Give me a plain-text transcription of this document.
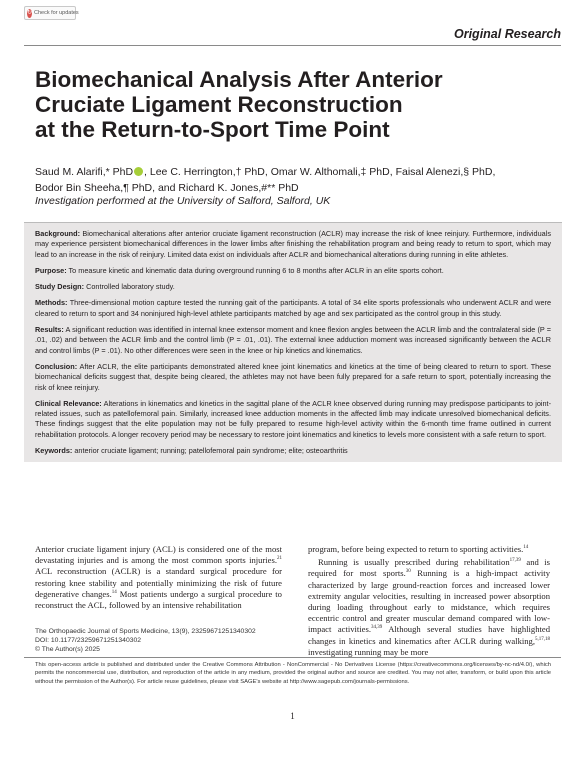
↻ Check for updates
Original Research
Biomechanical Analysis After Anterior
Cruciate Ligament Reconstruction
at the Return-to-Sport Time Point
Saud M. Alarifi,* PhD , Lee C. Herrington,† PhD, Omar W. Althomali,‡ PhD, Faisal Alenezi,§ PhD,
Bodor Bin Sheeha,¶ PhD, and Richard K. Jones,#** PhD
Investigation performed at the University of Salford, Salford, UK

Background: Biomechanical alterations after anterior cruciate ligament reconstruction (ACLR) may increase the risk of knee reinjury. Furthermore, individuals may experience persistent biomechanical differences in the lower limbs after finishing the rehabilitation program and being ready to return to sport, which may lead to an increase in the risk of reinjury. Limited data exist on individuals after ACLR and biomechanical alterations during running in elite athletes.

Purpose: To measure kinetic and kinematic data during overground running 6 to 8 months after ACLR in an elite sports cohort.

Study Design: Controlled laboratory study.

Methods: Three-dimensional motion capture tested the running gait of the participants. A total of 34 elite sports professionals who underwent ACLR and were cleared to return to sport and 34 noninjured high-level athlete participants matched by age and sex participated as the control group in this study.

Results: A significant reduction was identified in internal knee extensor moment and knee flexion angles between the ACLR limb and the contralateral side (P = .01, .02) and between the ACLR limb and the control limb (P = .01, .01). The external knee adduction moment was increased significantly between the ACLR and control limbs (P = .01). No other differences were seen in the knee or hip kinetics and kinematics.

Conclusion: After ACLR, the elite participants demonstrated altered knee joint kinematics and kinetics at the time of being cleared to return to sport. These biomechanical deficits suggest that, despite being cleared, the athletes may not have been fully prepared for a safe return to sport, potentially increasing the risk of knee reinjury.

Clinical Relevance: Alterations in kinematics and kinetics in the sagittal plane of the ACLR knee observed during running may predispose participants to joint-related issues, such as patellofemoral pain. Similarly, increased knee adduction moments in the affected limb may indicate unresolved biomechanical deficits. These findings suggest that the elite population may not be fully prepared to resume high-level activity within the 6-month time frame outlined in current rehabilitation protocols. A longer recovery period may be necessary to restore joint kinematics and kinetics to levels more consistent with a safe return to sport.

Keywords: anterior cruciate ligament; running; patellofemoral pain syndrome; elite; osteoarthritis

Anterior cruciate ligament injury (ACL) is considered one of the most devastating injuries and is among the most common sports injuries.$^{21}$ ACL reconstruction (ACLR) is a standard surgical procedure for restoring knee stability and potentially minimizing the risk of future degenerative changes.$^{14}$ Most patients undergo a surgical procedure to reconstruct the ACL, followed by an intensive rehabilitation
program, before being expected to return to sporting activities.$^{14}$
Running is usually prescribed during rehabilitation$^{17,39}$ and is required for most sports.$^{30}$ Running is a high-impact activity characterized by large ground-reaction forces and increased lower extremity angular velocities, resulting in increased power absorption during loading throughout early to midstance, which requires eccentric control and greater muscular demand compared with low-impact activities.$^{34,39}$ Although several studies have highlighted changes in kinetics and kinematics after ACLR during walking,$^{5,17,18}$ investigating running may be more
The Orthopaedic Journal of Sports Medicine, 13(9), 23259671251340302
DOI: 10.1177/23259671251340302
© The Author(s) 2025
This open-access article is published and distributed under the Creative Commons Attribution - NonCommercial - No Derivatives License (https://creativecommons.org/licenses/by-nc-nd/4.0/), which permits the noncommercial use, distribution, and reproduction of the article in any medium, provided the original author and source are credited. You may not alter, transform, or build upon this article without the permission of the Author(s). For article reuse guidelines, please visit SAGE's website at http://www.sagepub.com/journals-permissions.
1
